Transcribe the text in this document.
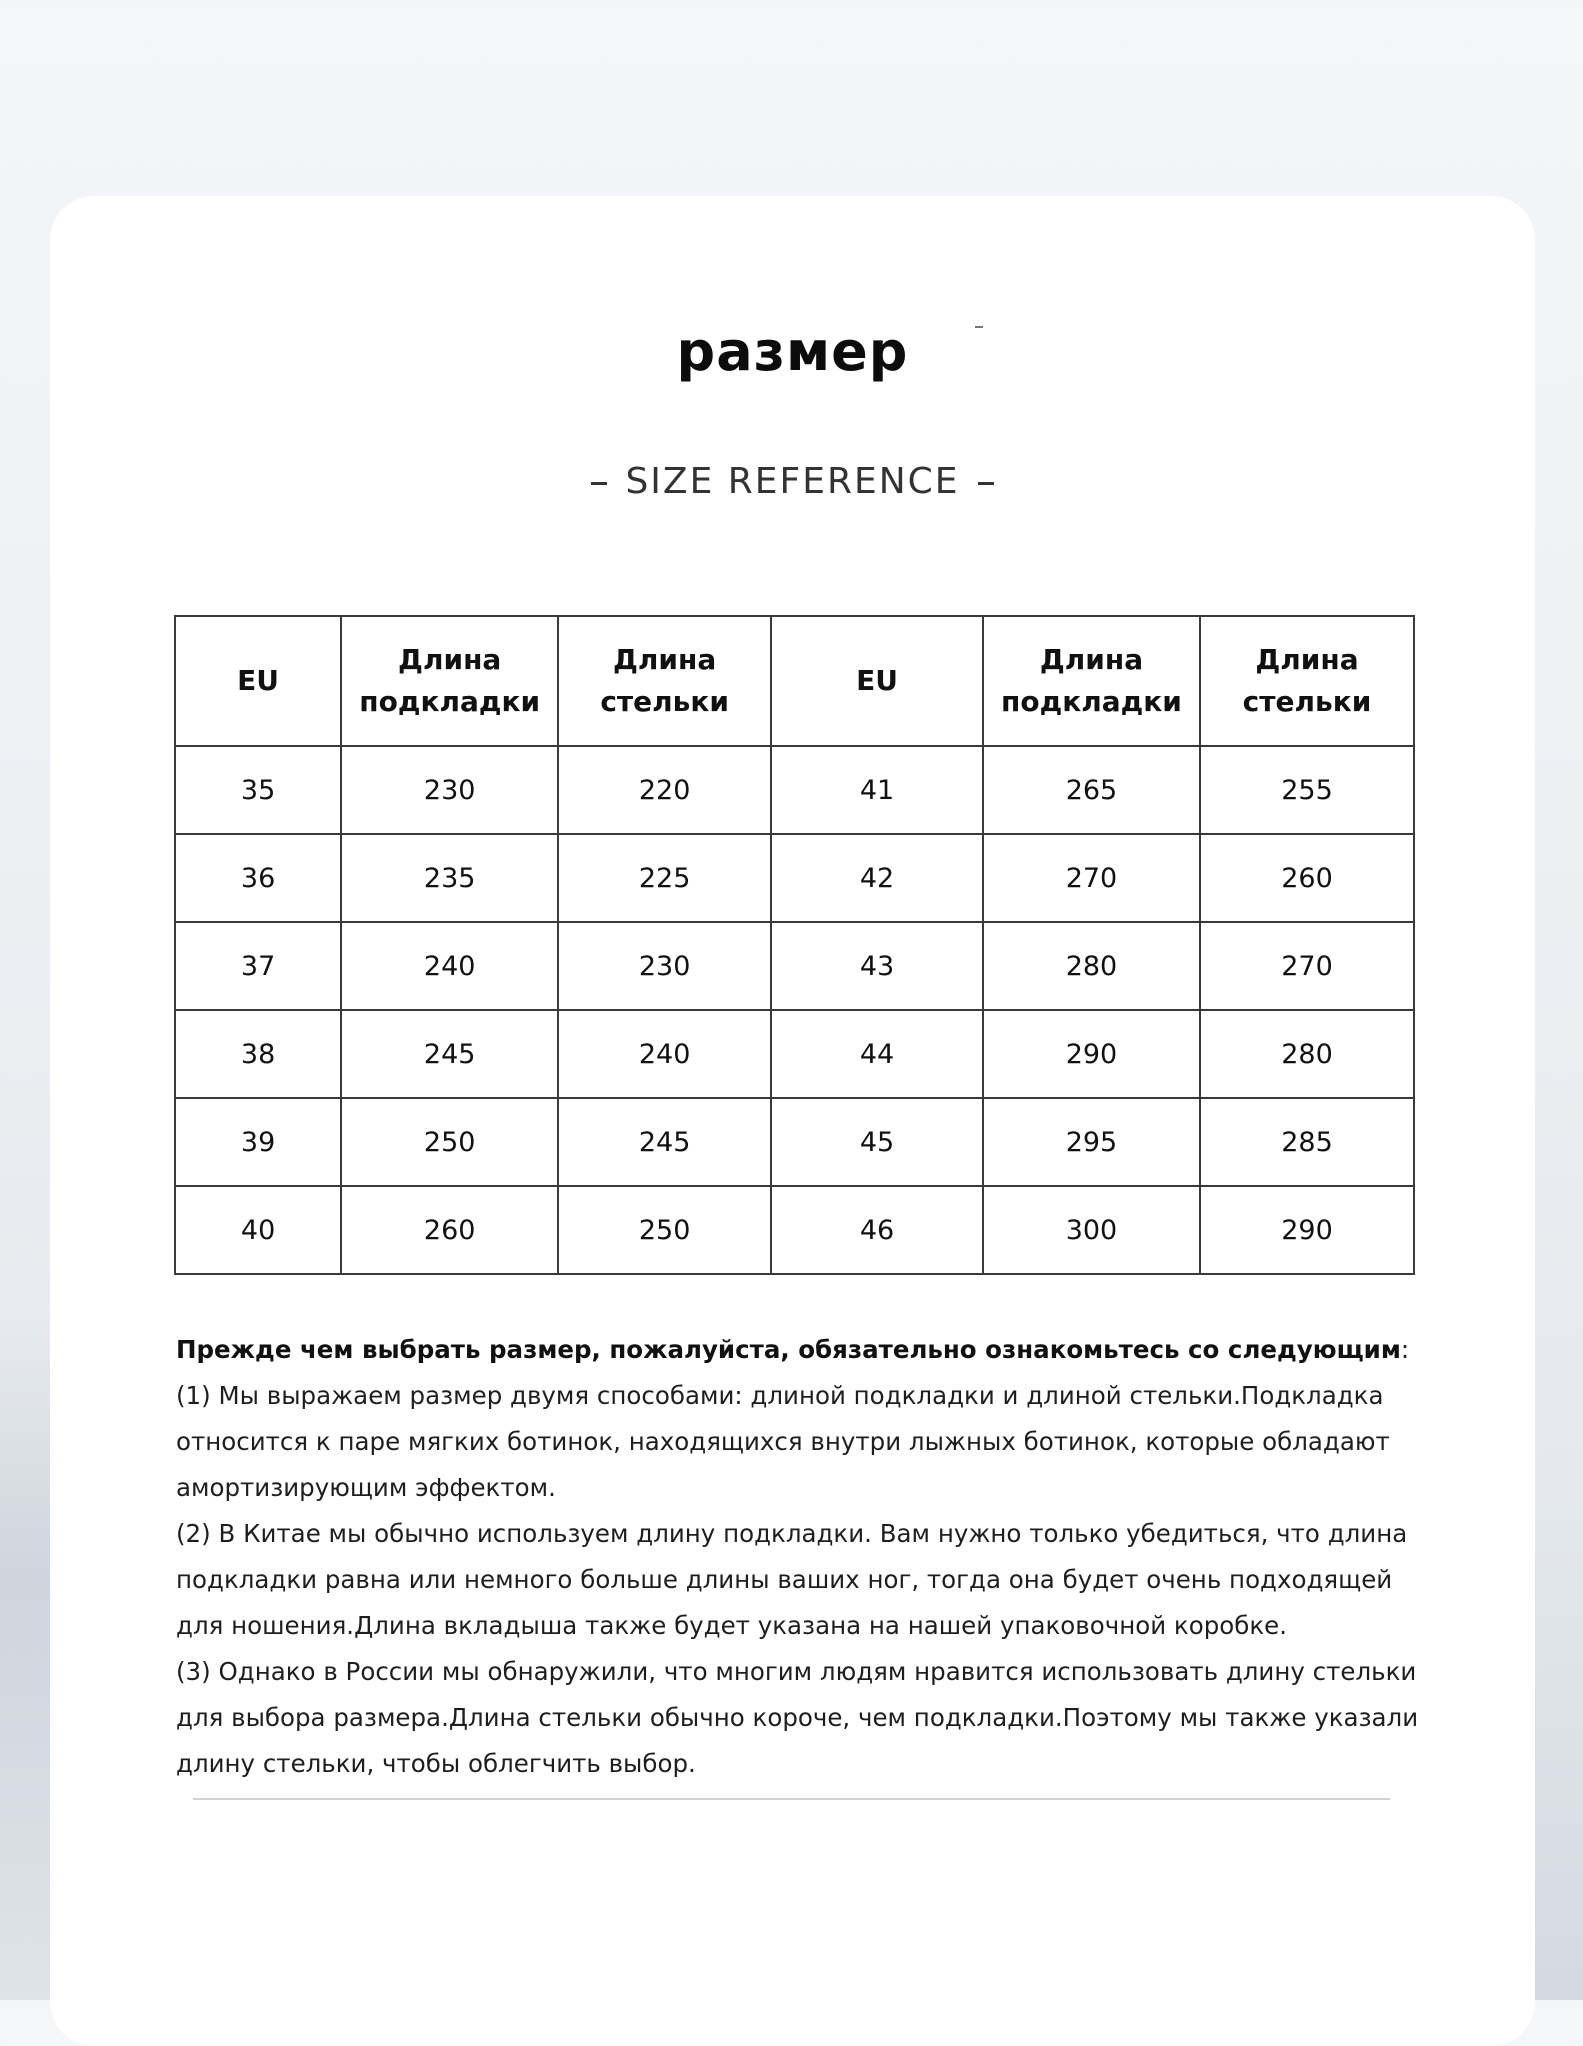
размер
SIZE REFERENCE
EU	Длина подкладки	Длина стельки	EU	Длина подкладки	Длина стельки
35	230	220	41	265	255
36	235	225	42	270	260
37	240	230	43	280	270
38	245	240	44	290	280
39	250	245	45	295	285
40	260	250	46	300	290

Прежде чем выбрать размер, пожалуйста, обязательно ознакомьтесь со следующим:

(1) Мы выражаем размер двумя способами: длиной подкладки и длиной стельки.Подкладка относится к паре мягких ботинок, находящихся внутри лыжных ботинок, которые обладают амортизирующим эффектом.

(2) В Китае мы обычно используем длину подкладки. Вам нужно только убедиться, что длина подкладки равна или немного больше длины ваших ног, тогда она будет очень подходящей для ношения.Длина вкладыша также будет указана на нашей упаковочной коробке.

(3) Однако в России мы обнаружили, что многим людям нравится использовать длину стельки для выбора размера.Длина стельки обычно короче, чем подкладки.Поэтому мы также указали длину стельки, чтобы облегчить выбор.
